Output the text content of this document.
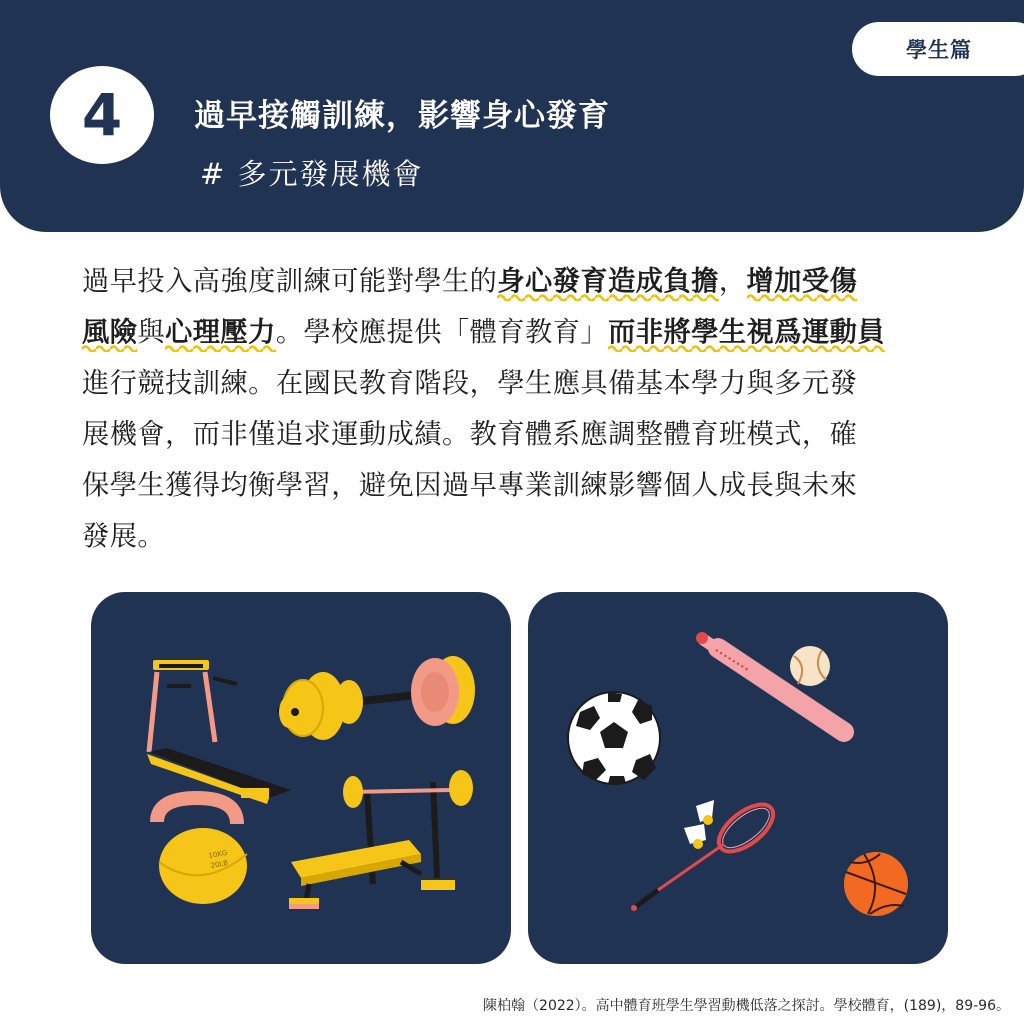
學生篇
4	過早接觸訓練，影響身心發育
# 多元發展機會
過早投入高強度訓練可能對學生的身心發育造成負擔，增加受傷
風險與心理壓力。學校應提供「體育教育」而非將學生視爲運動員
進行競技訓練。在國民教育階段，學生應具備基本學力與多元發
展機會，而非僅追求運動成績。教育體系應調整體育班模式，確
保學生獲得均衡學習，避免因過早專業訓練影響個人成長與未來
發展。
10KG
20LB
陳柏翰（2022）。高中體育班學生學習動機低落之探討。學校體育，(189)，89-96。
